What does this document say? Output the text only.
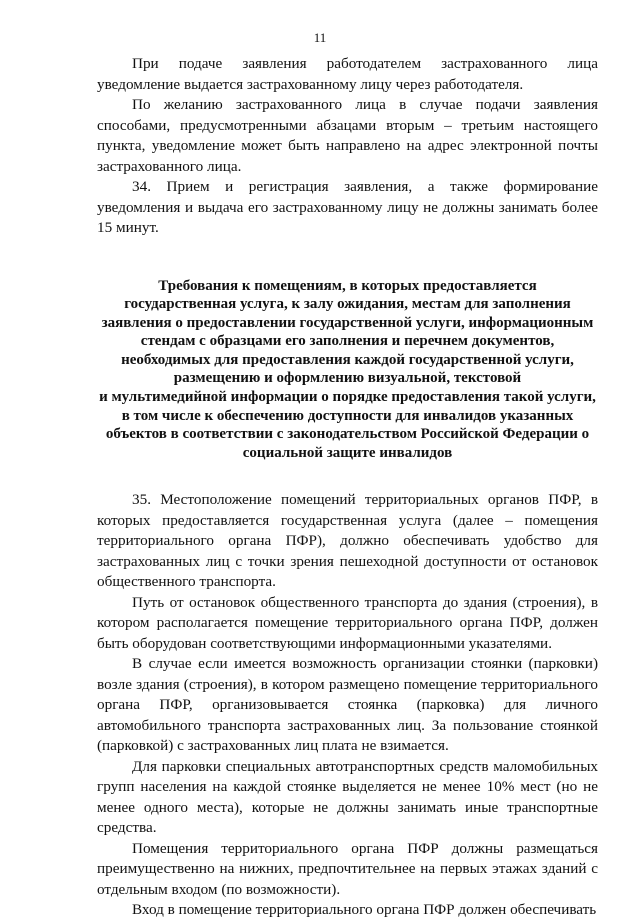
11

При подаче заявления работодателем застрахованного лица уведомление выдается застрахованному лицу через работодателя.

По желанию застрахованного лица в случае подачи заявления способами, предусмотренными абзацами вторым – третьим настоящего пункта, уведомление может быть направлено на адрес электронной почты застрахованного лица.

34. Прием и регистрация заявления, а также формирование уведомления и выдача его застрахованному лицу не должны занимать более 15 минут.

Требования к помещениям, в которых предоставляется
государственная услуга, к залу ожидания, местам для заполнения
заявления о предоставлении государственной услуги, информационным
стендам с образцами его заполнения и перечнем документов,
необходимых для предоставления каждой государственной услуги,
размещению и оформлению визуальной, текстовой
и мультимедийной информации о порядке предоставления такой услуги,
в том числе к обеспечению доступности для инвалидов указанных
объектов в соответствии с законодательством Российской Федерации о
социальной защите инвалидов

35. Местоположение помещений территориальных органов ПФР, в которых предоставляется государственная услуга (далее – помещения территориального органа ПФР), должно обеспечивать удобство для застрахованных лиц с точки зрения пешеходной доступности от остановок общественного транспорта.

Путь от остановок общественного транспорта до здания (строения), в котором располагается помещение территориального органа ПФР, должен быть оборудован соответствующими информационными указателями.

В случае если имеется возможность организации стоянки (парковки) возле здания (строения), в котором размещено помещение территориального органа ПФР, организовывается стоянка (парковка) для личного автомобильного транспорта застрахованных лиц. За пользование стоянкой (парковкой) с застрахованных лиц плата не взимается.

Для парковки специальных автотранспортных средств маломобильных групп населения на каждой стоянке выделяется не менее 10% мест (но не менее одного места), которые не должны занимать иные транспортные средства.

Помещения территориального органа ПФР должны размещаться преимущественно на нижних, предпочтительнее на первых этажах зданий с отдельным входом (по возможности).

Вход в помещение территориального органа ПФР должен обеспечивать
